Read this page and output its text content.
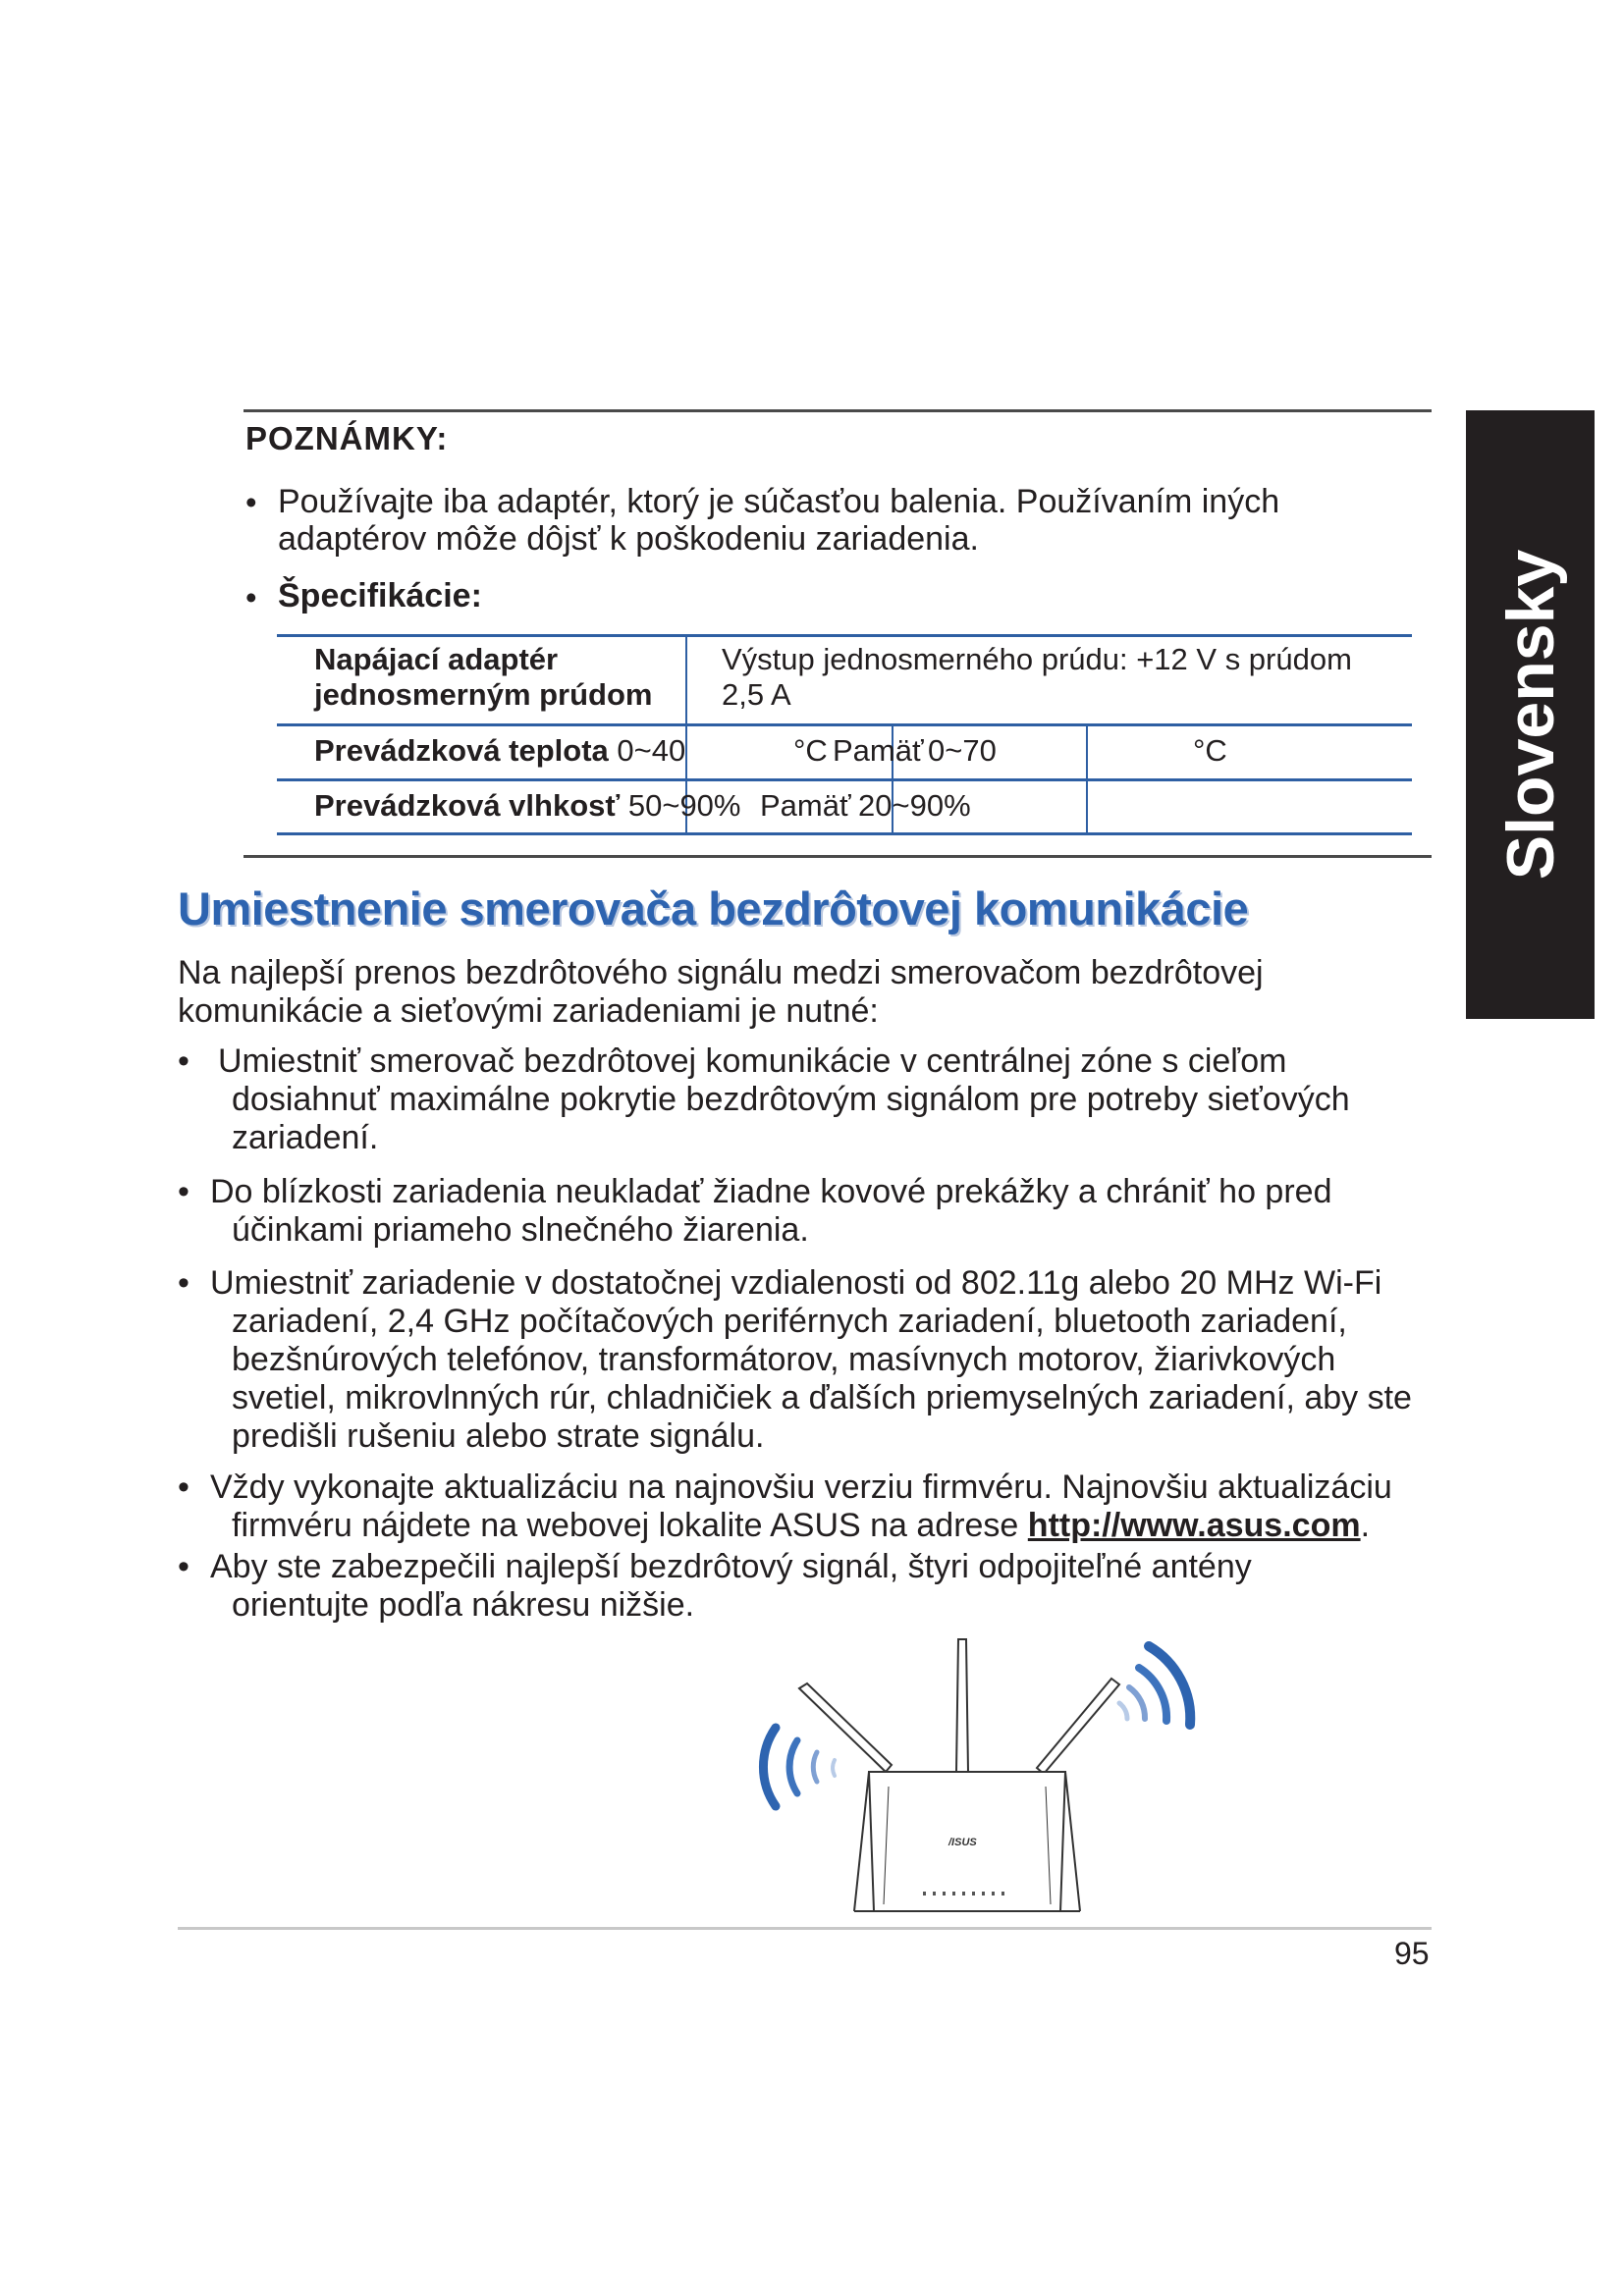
Slovensky
POZNÁMKY:
• Používajte iba adaptér, ktorý je súčasťou balenia. Používaním iných
adaptérov môže dôjsť k poškodeniu zariadenia.
• Špecifikácie:
Napájací adaptér
jednosmerným prúdom
Výstup jednosmerného prúdu: +12 V s prúdom
2,5 A
Prevádzková teplota 0~40	°C Pamäť 0~70	°C
Prevádzková vlhkosť 50~90% Pamäť 20~90%
Umiestnenie smerovača bezdrôtovej komunikácie
Na najlepší prenos bezdrôtového signálu medzi smerovačom bezdrôtovej
komunikácie a sieťovými zariadeniami je nutné:
• Umiestniť smerovač bezdrôtovej komunikácie v centrálnej zóne s cieľom
dosiahnuť maximálne pokrytie bezdrôtovým signálom pre potreby sieťových
zariadení.
• Do blízkosti zariadenia neukladať žiadne kovové prekážky a chrániť ho pred
účinkami priameho slnečného žiarenia.
• Umiestniť zariadenie v dostatočnej vzdialenosti od 802.11g alebo 20 MHz Wi-Fi
zariadení, 2,4 GHz počítačových periférnych zariadení, bluetooth zariadení,
bezšnúrových telefónov, transformátorov, masívnych motorov, žiarivkových
svetiel, mikrovlnných rúr, chladničiek a ďalších priemyselných zariadení, aby ste
predišli rušeniu alebo strate signálu.
• Vždy vykonajte aktualizáciu na najnovšiu verziu firmvéru. Najnovšiu aktualizáciu
firmvéru nájdete na webovej lokalite ASUS na adrese http://www.asus.com.
• Aby ste zabezpečili najlepší bezdrôtový signál, štyri odpojiteľné antény
orientujte podľa nákresu nižšie.
/ISUS
95
